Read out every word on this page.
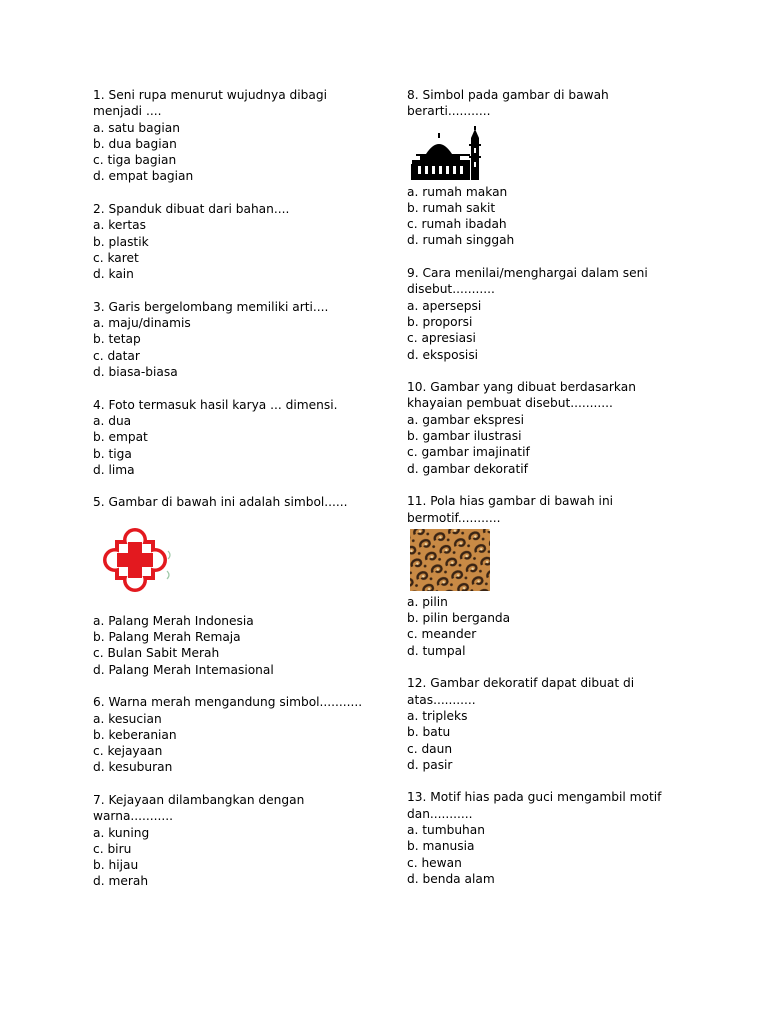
1. Seni rupa menurut wujudnya dibagi
menjadi ....
a. satu bagian
b. dua bagian
c. tiga bagian
d. empat bagian
2. Spanduk dibuat dari bahan....
a. kertas
b. plastik
c. karet
d. kain
3. Garis bergelombang memiliki arti....
a. maju/dinamis
b. tetap
c. datar
d. biasa-biasa
4. Foto termasuk hasil karya ... dimensi.
a. dua
b. empat
b. tiga
d. lima
5. Gambar di bawah ini adalah simbol......
a. Palang Merah Indonesia
b. Palang Merah Remaja
c. Bulan Sabit Merah
d. Palang Merah Intemasional
6. Warna merah mengandung simbol...........
a. kesucian
b. keberanian
c. kejayaan
d. kesuburan
7. Kejayaan dilambangkan dengan
warna...........
a. kuning
c. biru
b. hijau
d. merah
8. Simbol pada gambar di bawah
berarti...........
a. rumah makan
b. rumah sakit
c. rumah ibadah
d. rumah singgah
9. Cara menilai/menghargai dalam seni
disebut...........
a. apersepsi
b. proporsi
c. apresiasi
d. eksposisi
10. Gambar yang dibuat berdasarkan
khayaian pembuat disebut...........
a. gambar ekspresi
b. gambar ilustrasi
c. gambar imajinatif
d. gambar dekoratif
11. Pola hias gambar di bawah ini
bermotif...........
a. pilin
b. pilin berganda
c. meander
d. tumpal
12. Gambar dekoratif dapat dibuat di
atas...........
a. tripleks
b. batu
c. daun
d. pasir
13. Motif hias pada guci mengambil motif
dan...........
a. tumbuhan
b. manusia
c. hewan
d. benda alam
